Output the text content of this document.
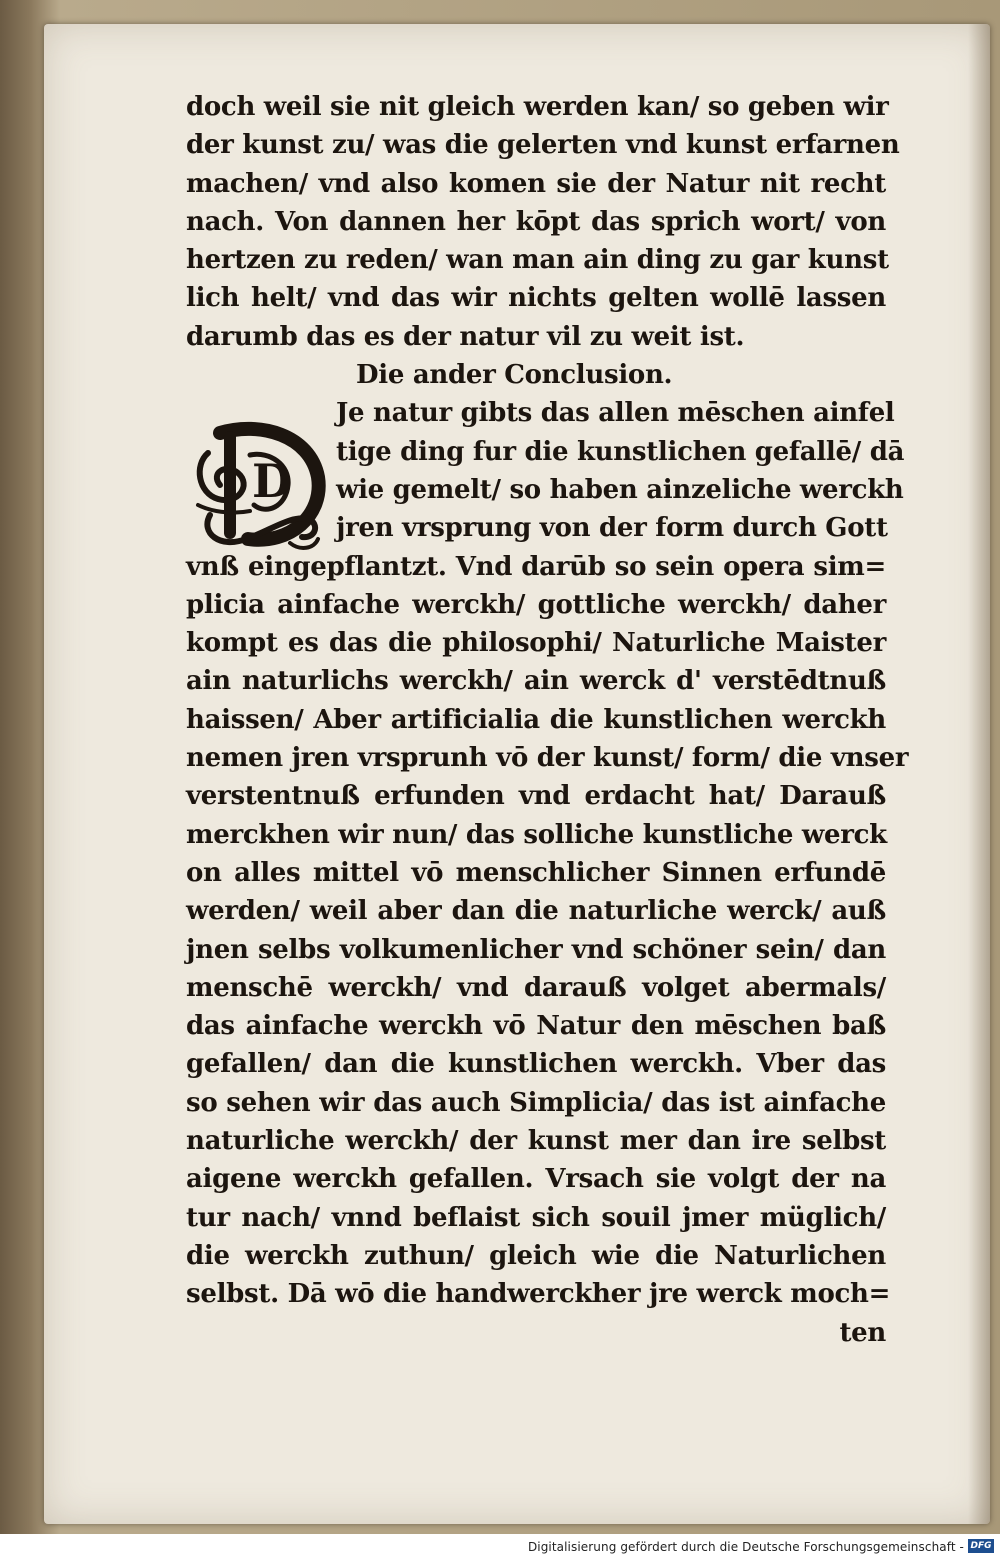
doch weil sie nit gleich werden kan/ so geben wir
der kunst zu/ was die gelerten vnd kunst erfarnen
machen/ vnd also komen sie der Natur nit recht
nach. Von dannen her kōpt das sprich wort/ von
hertzen zu reden/ wan man ain ding zu gar kunst
lich helt/ vnd das wir nichts gelten wollē lassen
darumb das es der natur vil zu weit ist.
Die ander Conclusion.
Je natur gibts das allen mēschen ainfel
tige ding fur die kunstlichen gefallē/ dā
wie gemelt/ so haben ainzeliche werckh
jren vrsprung von der form durch Gott
vnß eingepflantzt. Vnd darūb so sein opera sim=
plicia ainfache werckh/ gottliche werckh/ daher
kompt es das die philosophi/ Naturliche Maister
ain naturlichs werckh/ ain werck d' verstēdtnuß
haissen/ Aber artificialia die kunstlichen werckh
nemen jren vrsprunh vō der kunst/ form/ die vnser
verstentnuß erfunden vnd erdacht hat/ Darauß
merckhen wir nun/ das solliche kunstliche werck
on alles mittel vō menschlicher Sinnen erfundē
werden/ weil aber dan die naturliche werck/ auß
jnen selbs volkumenlicher vnd schöner sein/ dan
menschē werckh/ vnd darauß volget abermals/
das ainfache werckh vō Natur den mēschen baß
gefallen/ dan die kunstlichen werckh. Vber das
so sehen wir das auch Simplicia/ das ist ainfache
naturliche werckh/ der kunst mer dan ire selbst
aigene werckh gefallen. Vrsach sie volgt der na
tur nach/ vnnd beflaist sich souil jmer müglich/
die werckh zuthun/ gleich wie die Naturlichen
selbst. Dā wō die handwerckher jre werck moch=
ten
D
Digitalisierung gefördert durch die Deutsche Forschungsgemeinschaft - DFG
